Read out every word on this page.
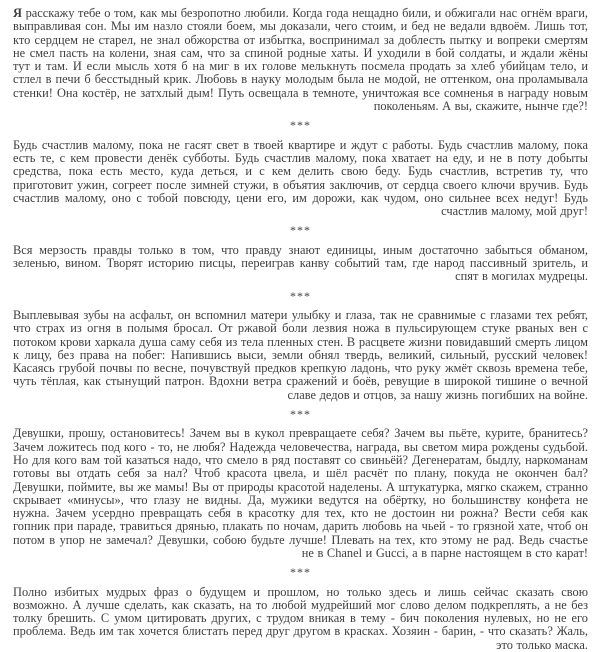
Я расскажу тебе о том, как мы безропотно любили. Когда года нещадно били, и обжигали нас огнём враги, выправливая сон. Мы им назло стояли боем, мы доказали, чего стоим, и бед не ведали вдвоём. Лишь тот, кто сердцем не старел, не знал обжорства от избытка, воспринимал за доблесть пытку и вопреки смертям не смел пасть на колени, зная сам, что за спиной родные хаты. И уходили в бой солдаты, и ждали жёны тут и там. И если мысль хотя б на миг в их голове мелькнуть посмела продать за хлеб убийцам тело, и стлел в печи б бесстыдный крик. Любовь в науку молодым была не модой, не оттенком, она проламывала стенки! Она костёр, не затхлый дым! Путь освещала в темноте, уничтожая все сомненья в награду новым поколеньям. А вы, скажите, нынче где?!

***

Будь счастлив малому, пока не гасят свет в твоей квартире и ждут с работы. Будь счастлив малому, пока есть те, с кем провести денёк субботы. Будь счастлив малому, пока хватает на еду, и не в поту добыты средства, пока есть место, куда деться, и с кем делить свою беду. Будь счастлив, встретив ту, что приготовит ужин, согреет после зимней стужи, в объятия заключив, от сердца своего ключи вручив. Будь счастлив малому, оно с тобой повсюду, цени его, им дорожи, как чудом, оно сильнее всех недуг! Будь счастлив малому, мой друг!

***

Вся мерзость правды только в том, что правду знают единицы, иным достаточно забыться обманом, зеленью, вином. Творят историю писцы, переиграв канву событий там, где народ пассивный зритель, и спят в могилах мудрецы.

***

Выплевывая зубы на асфальт, он вспомнил матери улыбку и глаза, так не сравнимые с глазами тех ребят, что страх из огня в полымя бросал. От ржавой боли лезвия ножа в пульсирующем стуке рваных вен с потоком крови харкала душа саму себя из тела пленных стен. В расцвете жизни повидавший смерть лицом к лицу, без права на побег: Напившись выси, земли обнял твердь, великий, сильный, русский человек! Касаясь грубой почвы по весне, почувствуй предков крепкую ладонь, что руку жмёт сквозь времена тебе, чуть тёплая, как стынущий патрон. Вдохни ветра сражений и боёв, ревущие в широкой тишине о вечной славе дедов и отцов, за нашу жизнь погибших на войне.

***

Девушки, прошу, остановитесь! Зачем вы в кукол превращаете себя? Зачем вы пьёте, курите, бранитесь? Зачем ложитесь под кого - то, не любя? Надежда человечества, награда, вы светом мира рождены судьбой. Но для кого вам той казаться надо, что смело в ряд поставят со свиньёй? Дегенератам, быдлу, наркоманам готовы вы отдать себя за нал? Чтоб красота цвела, и шёл расчёт по плану, покуда не окончен бал? Девушки, поймите, вы же мамы! Вы от природы красотой наделены. А штукатурка, мягко скажем, странно скрывает «минусы», что глазу не видны. Да, мужики ведутся на обёртку, но большинству конфета не нужна. Зачем усердно превращать себя в красотку для тех, кто не достоин ни рожна? Вести себя как гопник при параде, травиться дрянью, плакать по ночам, дарить любовь на чьей - то грязной хате, чтоб он потом в упор не замечал? Девушки, собою будьте лучше! Плевать на тех, кто этому не рад. Ведь счастье не в Chanel и Gucci, а в парне настоящем в сто карат!

***

Полно избитых мудрых фраз о будущем и прошлом, но только здесь и лишь сейчас сказать свою возможно. А лучше сделать, как сказать, на то любой мудрейший мог слово делом подкреплять, а не без толку брешить. С умом цитировать других, с трудом вникая в тему - бич поколения нулевых, но не его проблема. Ведь им так хочется блистать перед друг другом в красках. Хозяин - барин, - что сказать? Жаль, это только маска.
